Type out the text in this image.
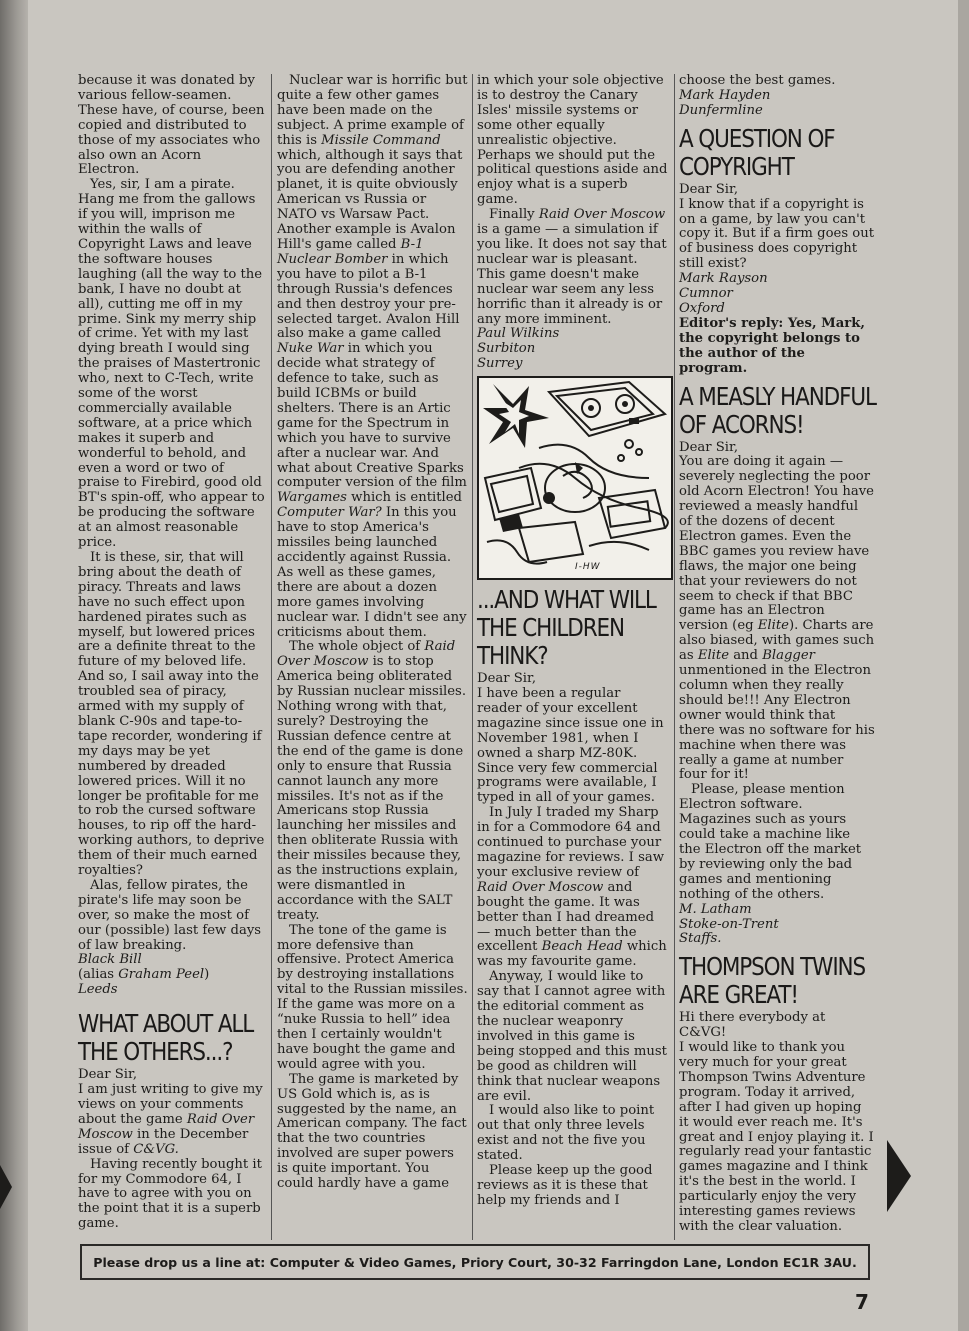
because it was donated by various fellow-seamen. These have, of course, been copied and distributed to those of my associates who also own an Acorn Electron.

Yes, sir, I am a pirate. Hang me from the gallows if you will, imprison me within the walls of Copyright Laws and leave the software houses laughing (all the way to the bank, I have no doubt at all), cutting me off in my prime. Sink my merry ship of crime. Yet with my last dying breath I would sing the praises of Mastertronic who, next to C-Tech, write some of the worst commercially available software, at a price which makes it superb and wonderful to behold, and even a word or two of praise to Firebird, good old BT's spin-off, who appear to be producing the software at an almost reasonable price.

It is these, sir, that will bring about the death of piracy. Threats and laws have no such effect upon hardened pirates such as myself, but lowered prices are a definite threat to the future of my beloved life. And so, I sail away into the troubled sea of piracy, armed with my supply of blank C-90s and tape-to-tape recorder, wondering if my days may be yet numbered by dreaded lowered prices. Will it no longer be profitable for me to rob the cursed software houses, to rip off the hard-working authors, to deprive them of their much earned royalties?

Alas, fellow pirates, the pirate's life may soon be over, so make the most of our (possible) last few days of law breaking.

Black Bill

(alias Graham Peel)

Leeds

WHAT ABOUT ALL THE OTHERS...?

Dear Sir,

I am just writing to give my views on your comments about the game Raid Over Moscow in the December issue of C&VG.

Having recently bought it for my Commodore 64, I have to agree with you on the point that it is a superb game.

Nuclear war is horrific but quite a few other games have been made on the subject. A prime example of this is Missile Command which, although it says that you are defending another planet, it is quite obviously American vs Russia or NATO vs Warsaw Pact. Another example is Avalon Hill's game called B-1 Nuclear Bomber in which you have to pilot a B-1 through Russia's defences and then destroy your pre-selected target. Avalon Hill also make a game called Nuke War in which you decide what strategy of defence to take, such as build ICBMs or build shelters. There is an Artic game for the Spectrum in which you have to survive after a nuclear war. And what about Creative Sparks computer version of the film Wargames which is entitled Computer War? In this you have to stop America's missiles being launched accidently against Russia. As well as these games, there are about a dozen more games involving nuclear war. I didn't see any criticisms about them.

The whole object of Raid Over Moscow is to stop America being obliterated by Russian nuclear missiles. Nothing wrong with that, surely? Destroying the Russian defence centre at the end of the game is done only to ensure that Russia cannot launch any more missiles. It's not as if the Americans stop Russia launching her missiles and then obliterate Russia with their missiles because they, as the instructions explain, were dismantled in accordance with the SALT treaty.

The tone of the game is more defensive than offensive. Protect America by destroying installations vital to the Russian missiles. If the game was more on a “nuke Russia to hell” idea then I certainly wouldn't have bought the game and would agree with you.

The game is marketed by US Gold which is, as is suggested by the name, an American company. The fact that the two countries involved are super powers is quite important. You could hardly have a game

in which your sole objective is to destroy the Canary Isles' missile systems or some other equally unrealistic objective. Perhaps we should put the political questions aside and enjoy what is a superb game.

Finally Raid Over Moscow is a game — a simulation if you like. It does not say that nuclear war is pleasant. This game doesn't make nuclear war seem any less horrific than it already is or any more imminent.

Paul Wilkins

Surbiton

Surrey

I-HW
...AND WHAT WILL THE CHILDREN THINK?

Dear Sir,

I have been a regular reader of your excellent magazine since issue one in November 1981, when I owned a sharp MZ-80K. Since very few commercial programs were available, I typed in all of your games.

In July I traded my Sharp in for a Commodore 64 and continued to purchase your magazine for reviews. I saw your exclusive review of Raid Over Moscow and bought the game. It was better than I had dreamed — much better than the excellent Beach Head which was my favourite game.

Anyway, I would like to say that I cannot agree with the editorial comment as the nuclear weaponry involved in this game is being stopped and this must be good as children will think that nuclear weapons are evil.

I would also like to point out that only three levels exist and not the five you stated.

Please keep up the good reviews as it is these that help my friends and I

choose the best games.

Mark Hayden

Dunfermline

A QUESTION OF COPYRIGHT

Dear Sir,

I know that if a copyright is on a game, by law you can't copy it. But if a firm goes out of business does copyright still exist?

Mark Rayson

Cumnor

Oxford

Editor's reply: Yes, Mark, the copyright belongs to the author of the program.

A MEASLY HANDFUL OF ACORNS!

Dear Sir,

You are doing it again — severely neglecting the poor old Acorn Electron! You have reviewed a measly handful of the dozens of decent Electron games. Even the BBC games you review have flaws, the major one being that your reviewers do not seem to check if that BBC game has an Electron version (eg Elite). Charts are also biased, with games such as Elite and Blagger unmentioned in the Electron column when they really should be!!! Any Electron owner would think that there was no software for his machine when there was really a game at number four for it!

Please, please mention Electron software. Magazines such as yours could take a machine like the Electron off the market by reviewing only the bad games and mentioning nothing of the others.

M. Latham

Stoke-on-Trent

Staffs.

THOMPSON TWINS ARE GREAT!

Hi there everybody at C&VG!

I would like to thank you very much for your great Thompson Twins Adventure program. Today it arrived, after I had given up hoping it would ever reach me. It's great and I enjoy playing it. I regularly read your fantastic games magazine and I think it's the best in the world. I particularly enjoy the very interesting games reviews with the clear valuation.

Please drop us a line at: Computer & Video Games, Priory Court, 30-32 Farringdon Lane, London EC1R 3AU.
7
